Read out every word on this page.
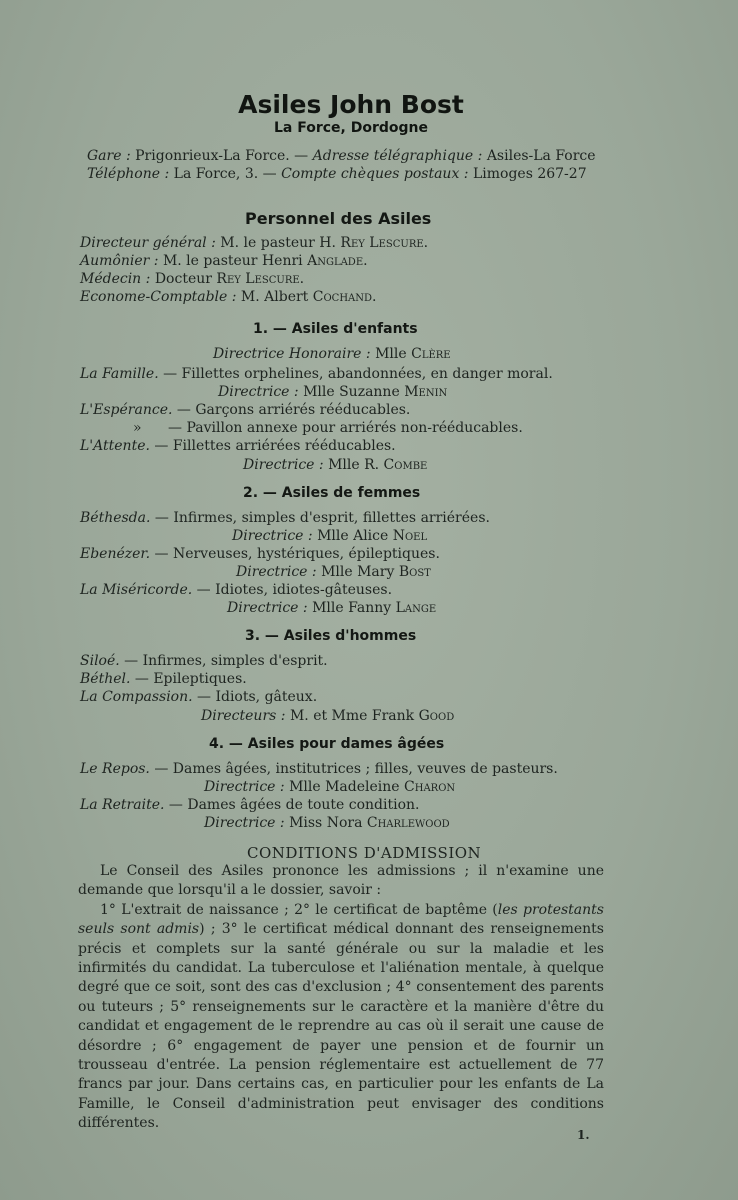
Asiles John Bost
La Force, Dordogne
Gare : Prigonrieux-La Force. — Adresse télégraphique : Asiles-La Force
Téléphone : La Force, 3. — Compte chèques postaux : Limoges 267-27
Personnel des Asiles
Directeur général : M. le pasteur H. Rey Lescure.
Aumônier : M. le pasteur Henri Anglade.
Médecin : Docteur Rey Lescure.
Econome-Comptable : M. Albert Cochand.
1. — Asiles d'enfants
Directrice Honoraire : Mlle Clère
La Famille. — Fillettes orphelines, abandonnées, en danger moral.
Directrice : Mlle Suzanne Menin
L'Espérance. — Garçons arriérés rééducables.
» — Pavillon annexe pour arriérés non-rééducables.
L'Attente. — Fillettes arriérées rééducables.
Directrice : Mlle R. Combe
2. — Asiles de femmes
Béthesda. — Infirmes, simples d'esprit, fillettes arriérées.
Directrice : Mlle Alice Noel
Ebenézer. — Nerveuses, hystériques, épileptiques.
Directrice : Mlle Mary Bost
La Miséricorde. — Idiotes, idiotes-gâteuses.
Directrice : Mlle Fanny Lange
3. — Asiles d'hommes
Siloé. — Infirmes, simples d'esprit.
Béthel. — Epileptiques.
La Compassion. — Idiots, gâteux.
Directeurs : M. et Mme Frank Good
4. — Asiles pour dames âgées
Le Repos. — Dames âgées, institutrices ; filles, veuves de pasteurs.
Directrice : Mlle Madeleine Charon
La Retraite. — Dames âgées de toute condition.
Directrice : Miss Nora Charlewood
CONDITIONS D'ADMISSION

Le Conseil des Asiles prononce les admissions ; il n'examine une demande que lorsqu'il a le dossier, savoir :

1° L'extrait de naissance ; 2° le certificat de baptême (les protestants seuls sont admis) ; 3° le certificat médical donnant des renseignements précis et complets sur la santé générale ou sur la maladie et les infirmités du candidat. La tuberculose et l'aliénation mentale, à quelque degré que ce soit, sont des cas d'exclusion ; 4° consentement des parents ou tuteurs ; 5° renseignements sur le caractère et la manière d'être du candidat et engagement de le reprendre au cas où il serait une cause de désordre ; 6° engagement de payer une pension et de fournir un trousseau d'entrée. La pension réglementaire est actuellement de 77 francs par jour. Dans certains cas, en particulier pour les enfants de La Famille, le Conseil d'administration peut envisager des conditions différentes.

1.
